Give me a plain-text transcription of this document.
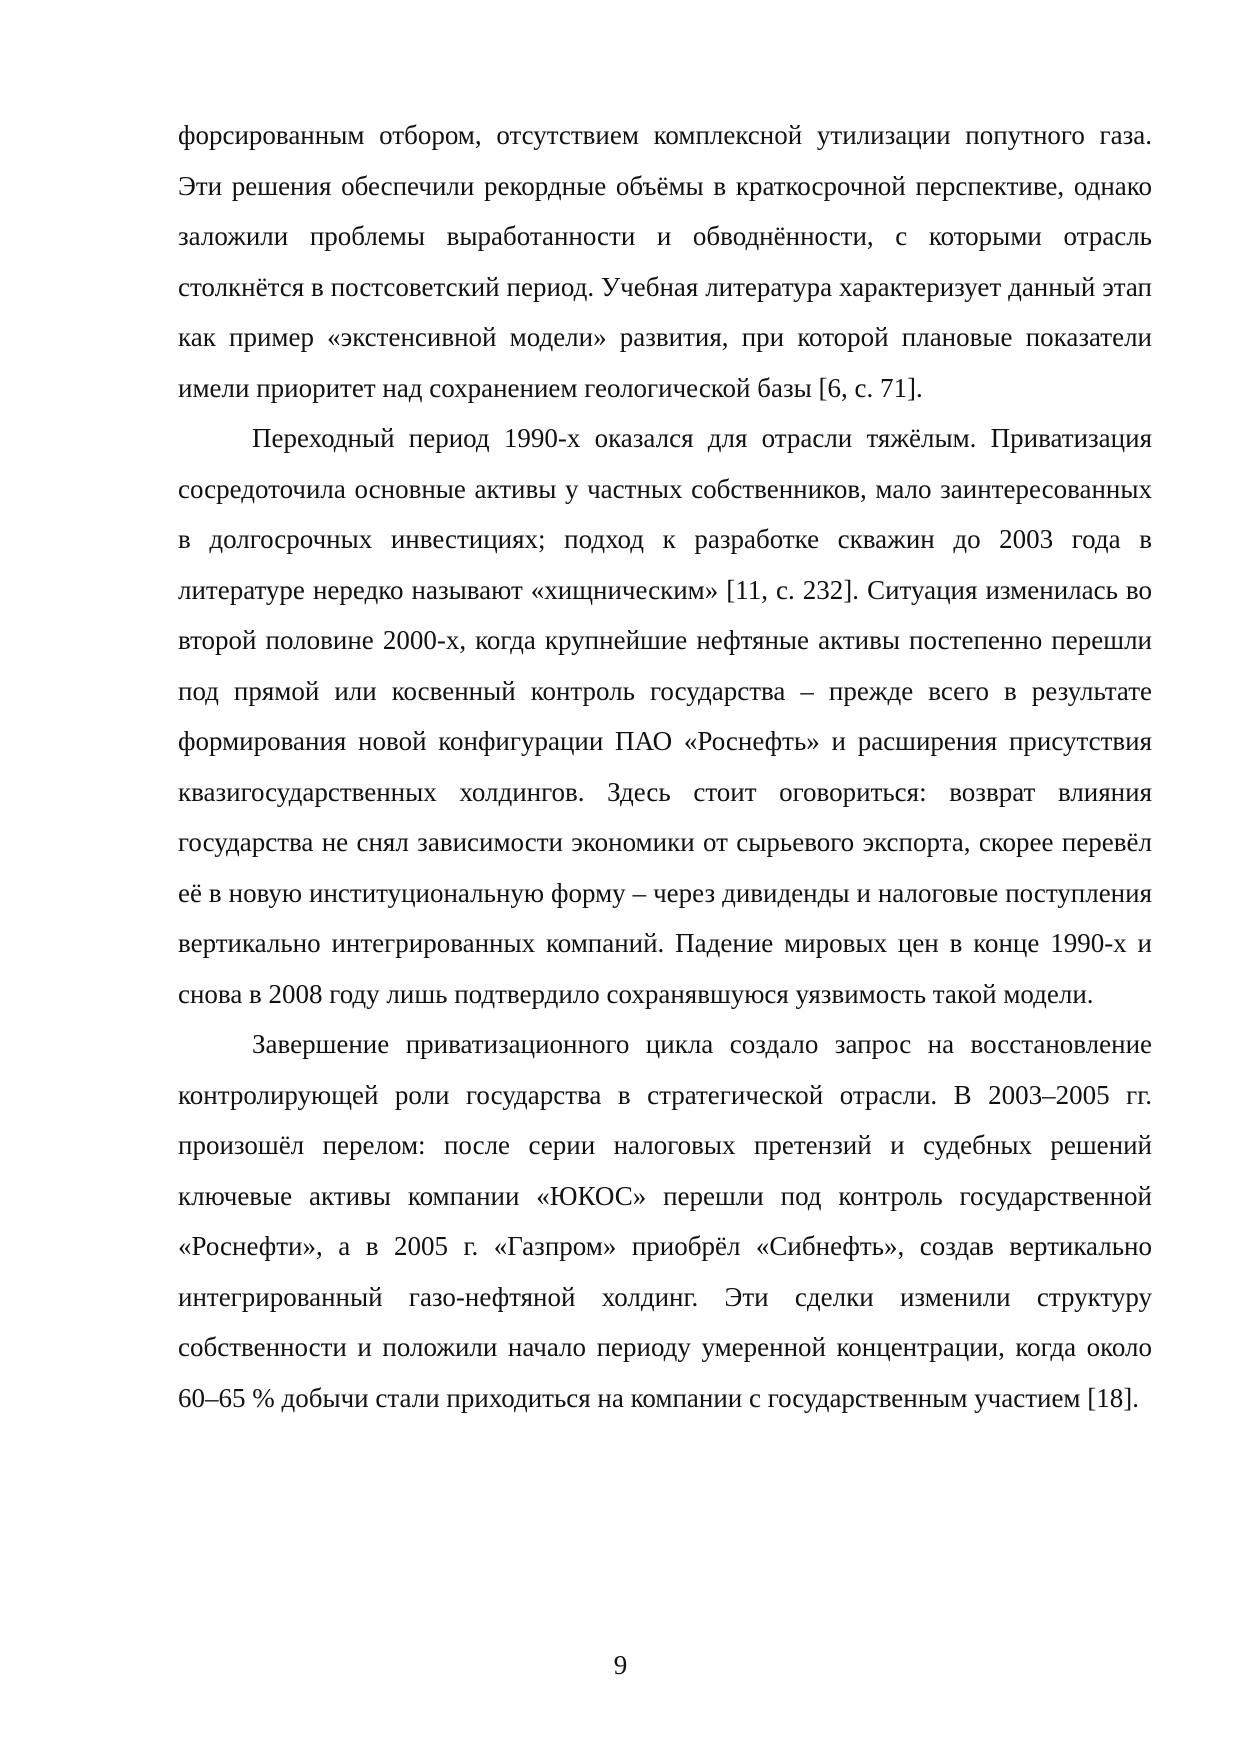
форсированным отбором, отсутствием комплексной утилизации попутного газа. Эти решения обеспечили рекордные объёмы в краткосрочной перспективе, однако заложили проблемы выработанности и обводнённости, с которыми отрасль столкнётся в постсоветский период. Учебная литература характеризует данный этап как пример «экстенсивной модели» развития, при которой плановые показатели имели приоритет над сохранением геологической базы [6, с. 71].

Переходный период 1990-х оказался для отрасли тяжёлым. Приватизация сосредоточила основные активы у частных собственников, мало заинтересованных в долгосрочных инвестициях; подход к разработке скважин до 2003 года в литературе нередко называют «хищническим» [11, с. 232]. Ситуация изменилась во второй половине 2000-х, когда крупнейшие нефтяные активы постепенно перешли под прямой или косвенный контроль государства – прежде всего в результате формирования новой конфигурации ПАО «Роснефть» и расширения присутствия квазигосударственных холдингов. Здесь стоит оговориться: возврат влияния государства не снял зависимости экономики от сырьевого экспорта, скорее перевёл её в новую институциональную форму – через дивиденды и налоговые поступления вертикально интегрированных компаний. Падение мировых цен в конце 1990-х и снова в 2008 году лишь подтвердило сохранявшуюся уязвимость такой модели.

Завершение приватизационного цикла создало запрос на восстановление контролирующей роли государства в стратегической отрасли. В 2003–2005 гг. произошёл перелом: после серии налоговых претензий и судебных решений ключевые активы компании «ЮКОС» перешли под контроль государственной «Роснефти», а в 2005 г. «Газпром» приобрёл «Сибнефть», создав вертикально интегрированный газо-нефтяной холдинг. Эти сделки изменили структуру собственности и положили начало периоду умеренной концентрации, когда около 60–65 % добычи стали приходиться на компании с государственным участием [18].

9
